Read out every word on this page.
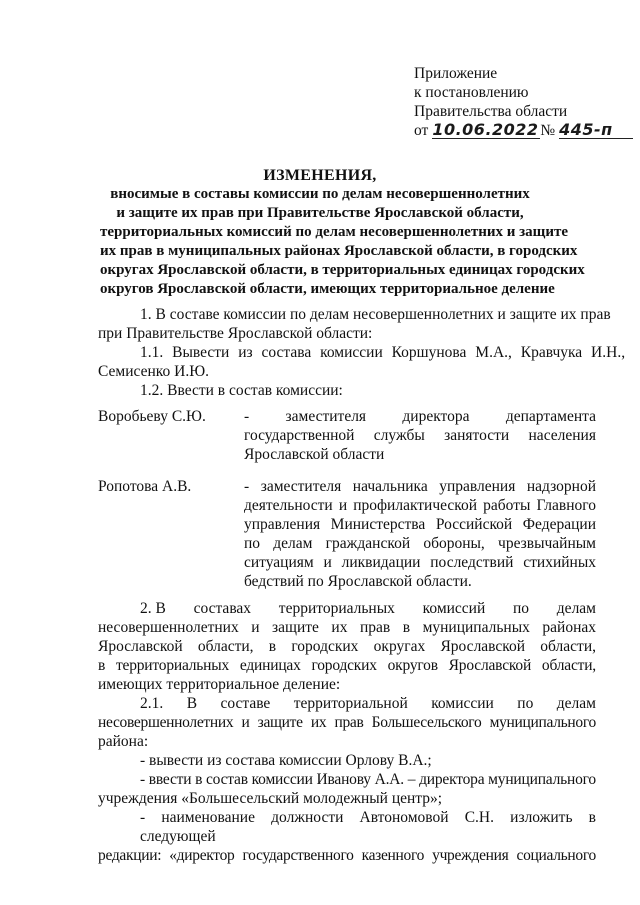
Приложение
к постановлению
Правительства области
от 10.06.2022 № 445-п
ИЗМЕНЕНИЯ,
вносимые в составы комиссии по делам несовершеннолетних
и защите их прав при Правительстве Ярославской области,
территориальных комиссий по делам несовершеннолетних и защите
их прав в муниципальных районах Ярославской области, в городских
округах Ярославской области, в территориальных единицах городских
округов Ярославской области, имеющих территориальное деление
1. В составе комиссии по делам несовершеннолетних и защите их прав
при Правительстве Ярославской области:
1.1. Вывести из состава комиссии Коршунова М.А., Кравчука И.Н.,
Семисенко И.Ю.
1.2. Ввести в состав комиссии:
Воробьеву С.Ю. - заместителя директора департамента
государственной службы занятости населения
Ярославской области
Ропотова А.В.	- заместителя начальника управления надзорной
деятельности и профилактической работы Главного
управления Министерства Российской Федерации
по делам гражданской обороны, чрезвычайным
ситуациям и ликвидации последствий стихийных
бедствий по Ярославской области.
2. В составах территориальных комиссий по делам
несовершеннолетних и защите их прав в муниципальных районах
Ярославской области, в городских округах Ярославской области,
в территориальных единицах городских округов Ярославской области,
имеющих территориальное деление:
2.1. В составе территориальной комиссии по делам
несовершеннолетних и защите их прав Большесельского муниципального
района:
- вывести из состава комиссии Орлову В.А.;
- ввести в состав комиссии Иванову А.А. – директора муниципального
учреждения «Большесельский молодежный центр»;
- наименование должности Автономовой С.Н. изложить в следующей
редакции: «директор государственного казенного учреждения социального
